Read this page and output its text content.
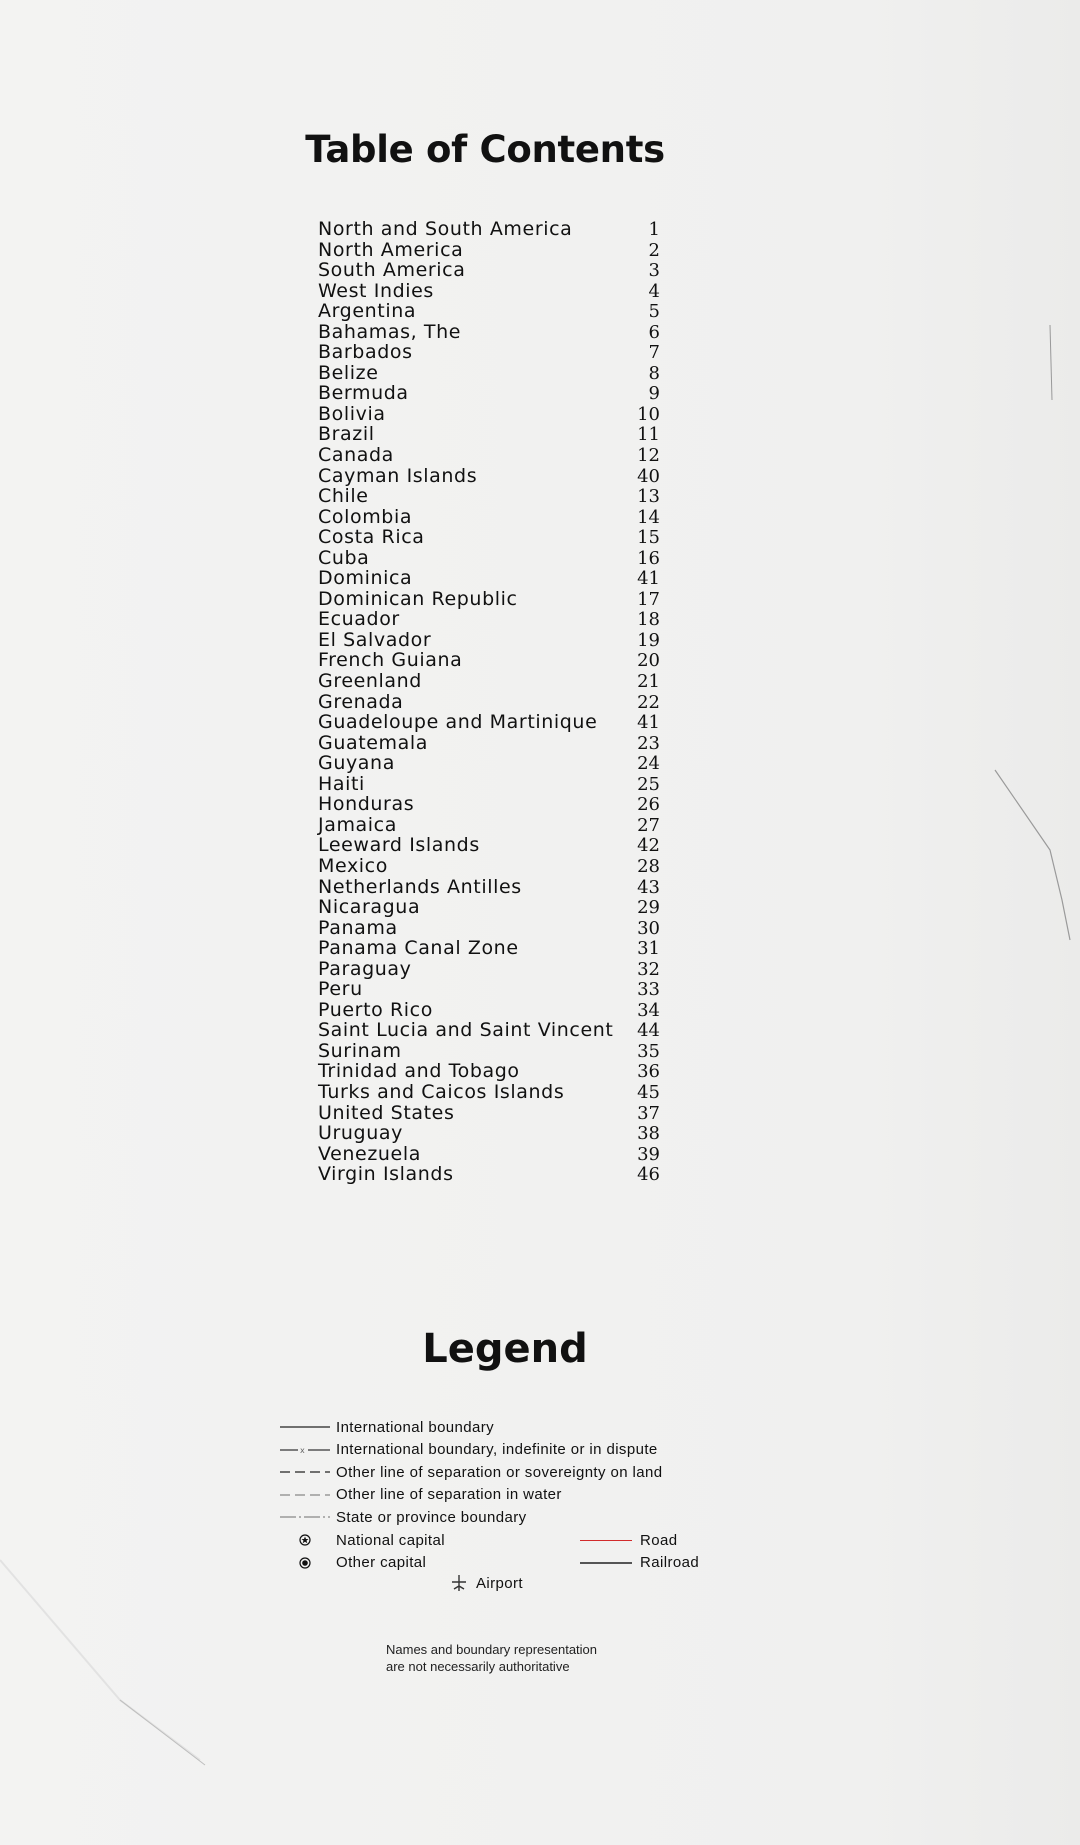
Table of Contents
North and South America	1
North America	2
South America	3
West Indies	4
Argentina	5
Bahamas, The	6
Barbados	7
Belize	8
Bermuda	9
Bolivia	10
Brazil	11
Canada	12
Cayman Islands	40
Chile	13
Colombia	14
Costa Rica	15
Cuba	16
Dominica	41
Dominican Republic	17
Ecuador	18
El Salvador	19
French Guiana	20
Greenland	21
Grenada	22
Guadeloupe and Martinique 41
Guatemala	23
Guyana	24
Haiti	25
Honduras	26
Jamaica	27
Leeward Islands	42
Mexico	28
Netherlands Antilles	43
Nicaragua	29
Panama	30
Panama Canal Zone	31
Paraguay	32
Peru	33
Puerto Rico	34
Saint Lucia and Saint Vincent 44
Surinam	35
Trinidad and Tobago	36
Turks and Caicos Islands	45
United States	37
Uruguay	38
Venezuela	39
Virgin Islands	46
Legend
International boundary
x International boundary, indefinite or in dispute
Other line of separation or sovereignty on land
Other line of separation in water
State or province boundary
National capital
Other capital
Road
Railroad
Airport
Names and boundary representation
are not necessarily authoritative
